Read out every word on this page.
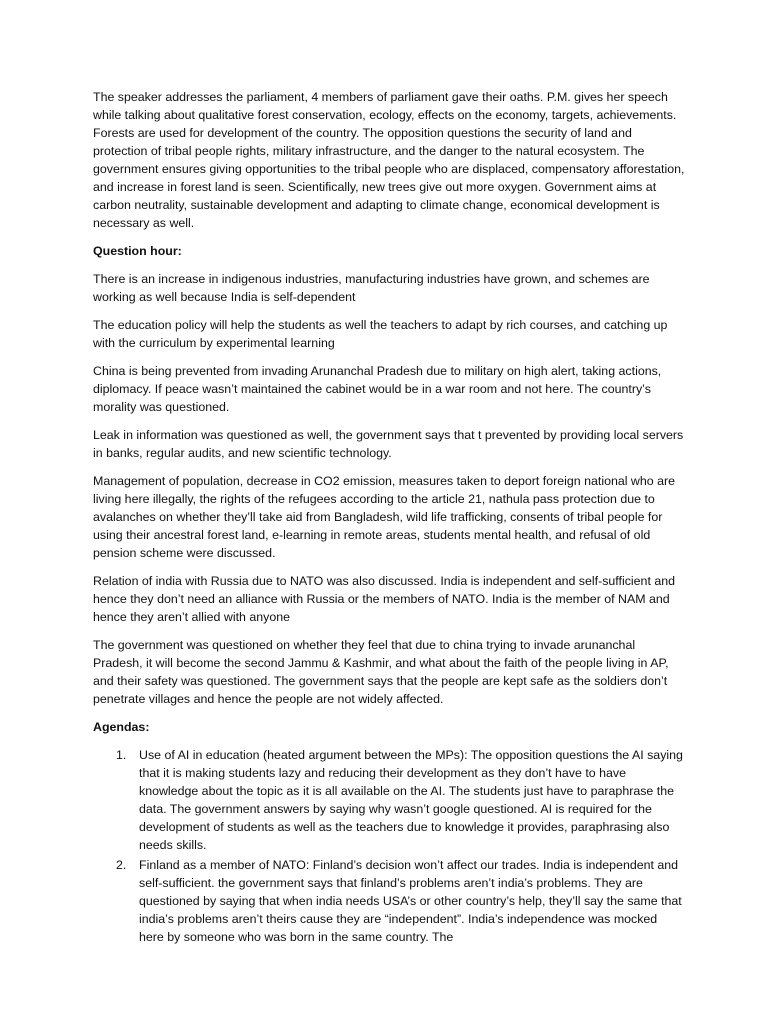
The speaker addresses the parliament, 4 members of parliament gave their oaths. P.M. gives her speech while talking about qualitative forest conservation, ecology, effects on the economy, targets, achievements. Forests are used for development of the country. The opposition questions the security of land and protection of tribal people rights, military infrastructure, and the danger to the natural ecosystem. The government ensures giving opportunities to the tribal people who are displaced, compensatory afforestation, and increase in forest land is seen. Scientifically, new trees give out more oxygen. Government aims at carbon neutrality, sustainable development and adapting to climate change, economical development is necessary as well.

Question hour:

There is an increase in indigenous industries, manufacturing industries have grown, and schemes are working as well because India is self-dependent

The education policy will help the students as well the teachers to adapt by rich courses, and catching up with the curriculum by experimental learning

China is being prevented from invading Arunanchal Pradesh due to military on high alert, taking actions, diplomacy. If peace wasn’t maintained the cabinet would be in a war room and not here. The country’s morality was questioned.

Leak in information was questioned as well, the government says that t prevented by providing local servers in banks, regular audits, and new scientific technology.

Management of population, decrease in CO2 emission, measures taken to deport foreign national who are living here illegally, the rights of the refugees according to the article 21, nathula pass protection due to avalanches on whether they’ll take aid from Bangladesh, wild life trafficking, consents of tribal people for using their ancestral forest land, e-learning in remote areas, students mental health, and refusal of old pension scheme were discussed.

Relation of india with Russia due to NATO was also discussed. India is independent and self-sufficient and hence they don’t need an alliance with Russia or the members of NATO. India is the member of NAM and hence they aren’t allied with anyone

The government was questioned on whether they feel that due to china trying to invade arunanchal Pradesh, it will become the second Jammu & Kashmir, and what about the faith of the people living in AP, and their safety was questioned. The government says that the people are kept safe as the soldiers don’t penetrate villages and hence the people are not widely affected.

Agendas:

1. Use of AI in education (heated argument between the MPs): The opposition questions the AI saying that it is making students lazy and reducing their development as they don’t have to have knowledge about the topic as it is all available on the AI. The students just have to paraphrase the data. The government answers by saying why wasn’t google questioned. AI is required for the development of students as well as the teachers due to knowledge it provides, paraphrasing also needs skills.
2. Finland as a member of NATO: Finland’s decision won’t affect our trades. India is independent and self-sufficient. the government says that finland’s problems aren’t india’s problems. They are questioned by saying that when india needs USA’s or other country’s help, they’ll say the same that india’s problems aren’t theirs cause they are “independent”. India’s independence was mocked here by someone who was born in the same country. The
